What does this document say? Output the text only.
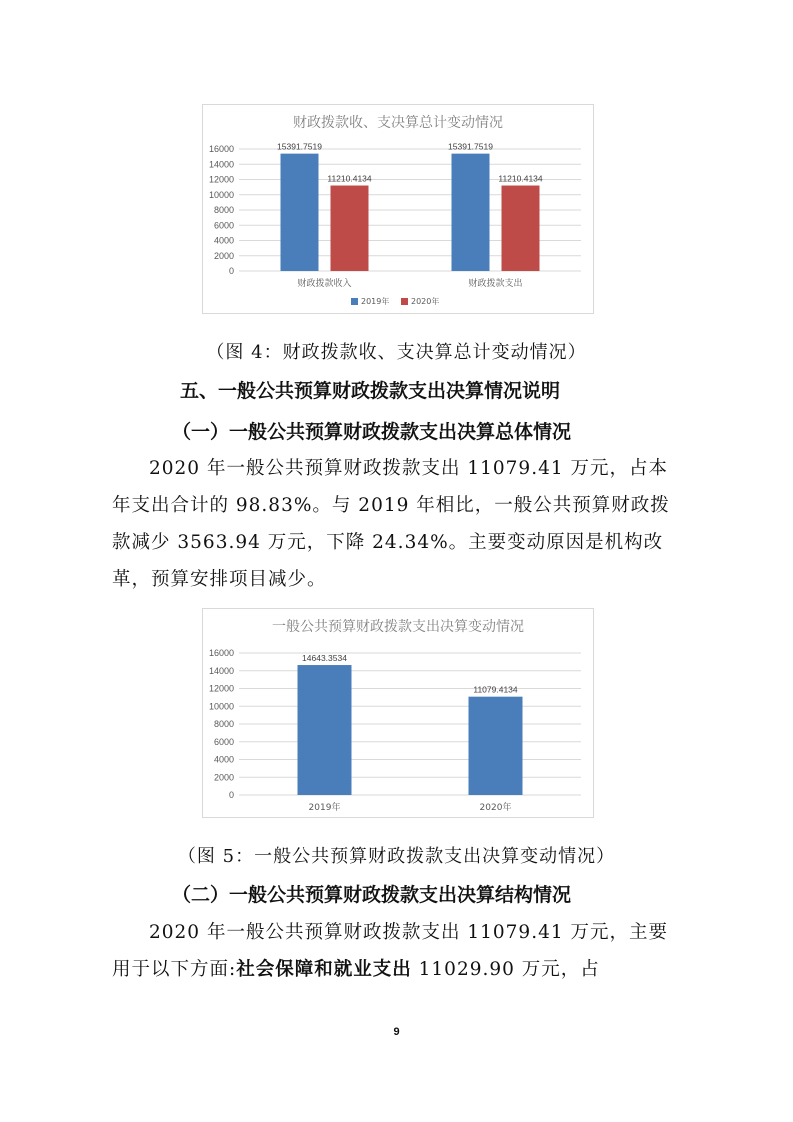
财政拨款收、支决算总计变动情况
0
2000
4000
6000
8000
10000
12000
14000
16000	15391.7519
11210.4134
财政拨款收入
15391.7519
11210.4134
财政拨款支出
2019年	2020年
（图 4：财政拨款收、支决算总计变动情况）
五、一般公共预算财政拨款支出决算情况说明
（一）一般公共预算财政拨款支出决算总体情况

2020 年一般公共预算财政拨款支出 11079.41 万元，占本年支出合计的 98.83%。与 2019 年相比，一般公共预算财政拨款减少 3563.94 万元，下降 24.34%。主要变动原因是机构改革，预算安排项目减少。

一般公共预算财政拨款支出决算变动情况
0
2000
4000
6000
8000
10000
12000
14000
16000
14643.3534
2019年
11079.4134
2020年
（图 5：一般公共预算财政拨款支出决算变动情况）
（二）一般公共预算财政拨款支出决算结构情况

2020 年一般公共预算财政拨款支出 11079.41 万元，主要用于以下方面:社会保障和就业支出 11029.90 万元，占

9
